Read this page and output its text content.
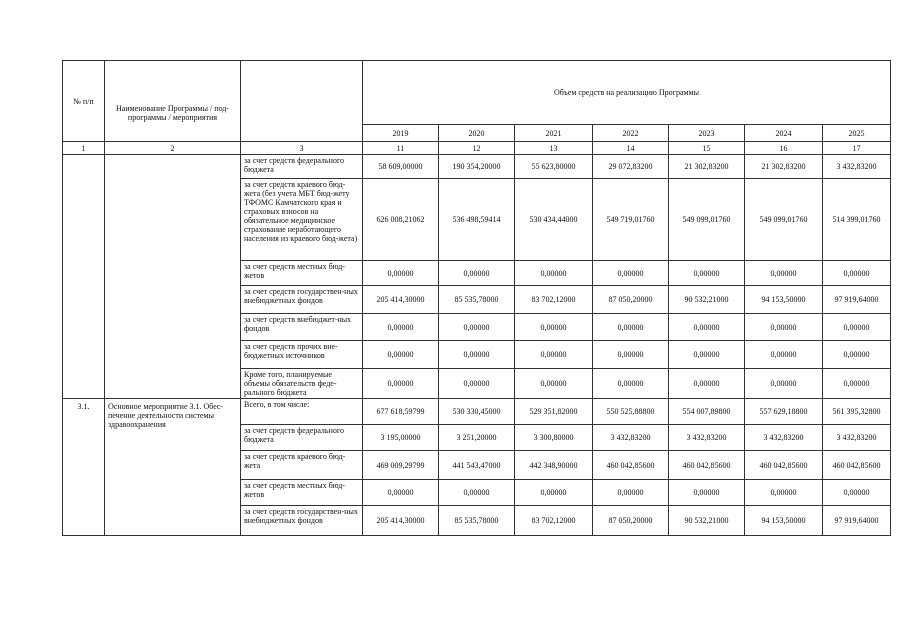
№ п/п	Наименование Программы / под-программы / мероприятия		Объем средств на реализацию Программы						
			2019	2020	2021	2022	2023	2024	2025
1	2	3	11	12	13	14	15	16	17
		за счет средств федерального бюджета	58 609,00000	190 354,20000	55 623,80000	29 072,83200	21 302,83200	21 302,83200	3 432,83200
		за счет средств краевого бюд-жета (без учета МБТ бюд-жету ТФОМС Камчатского края и страховых взносов на обязательное медицинское страхование неработающего населения из краевого бюд-жета)	626 008,21062	536 498,59414	530 434,44000	549 719,01760	549 099,01760	549 099,01760	514 399,01760
		за счет средств местных бюд-жетов	0,00000	0,00000	0,00000	0,00000	0,00000	0,00000	0,00000
		за счет средств государствен-ных внебюджетных фондов	205 414,30000	85 535,78000	83 702,12000	87 050,20000	90 532,21000	94 153,50000	97 919,64000
		за счет средств внебюджет-ных фондов	0,00000	0,00000	0,00000	0,00000	0,00000	0,00000	0,00000
		за счет средств прочих вне-бюджетных источников	0,00000	0,00000	0,00000	0,00000	0,00000	0,00000	0,00000
		Кроме того, планируемые объемы обязательств феде-рального бюджета	0,00000	0,00000	0,00000	0,00000	0,00000	0,00000	0,00000
3.1.	Основное мероприятие 3.1. Обес-печение деятельности системы здравоохранения	Всего, в том числе:	677 618,59799	530 330,45000	529 351,82000	550 525,88800	554 007,89800	557 629,18800	561 395,32800
		за счет средств федерального бюджета	3 195,00000	3 251,20000	3 300,80000	3 432,83200	3 432,83200	3 432,83200	3 432,83200
		за счет средств краевого бюд-жета	469 009,29799	441 543,47000	442 348,90000	460 042,85600	460 042,85600	460 042,85600	460 042,85600
		за счет средств местных бюд-жетов	0,00000	0,00000	0,00000	0,00000	0,00000	0,00000	0,00000
		за счет средств государствен-ных внебюджетных фондов	205 414,30000	85 535,78000	83 702,12000	87 050,20000	90 532,21000	94 153,50000	97 919,64000
